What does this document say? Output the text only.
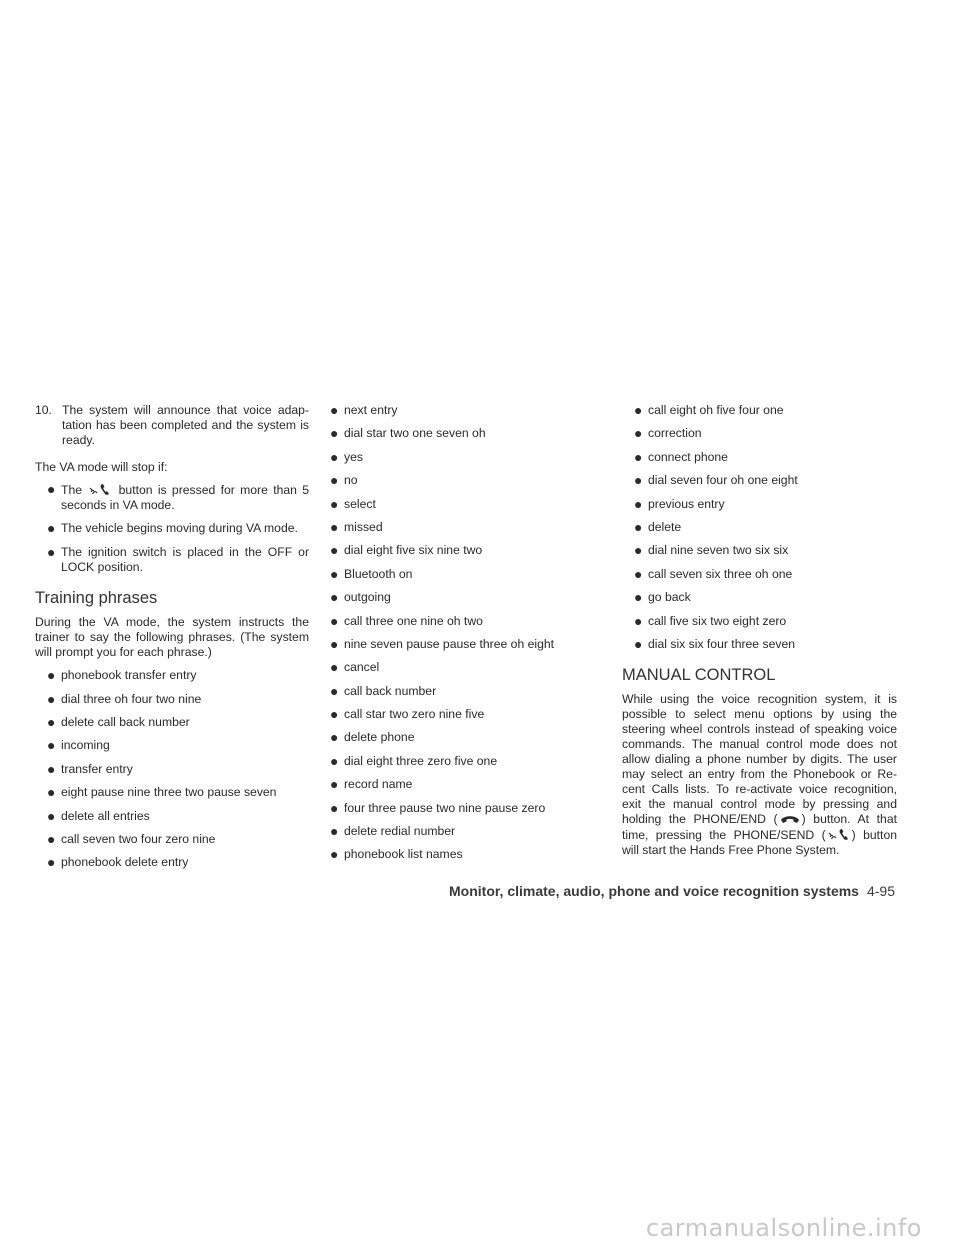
10. The system will announce that voice adap- tation has been completed and the system is ready.

The VA mode will stop if:

● The	button is pressed for more than 5 seconds in VA mode.
● The vehicle begins moving during VA mode.
● The ignition switch is placed in the OFF or LOCK position.
Training phrases

During the VA mode, the system instructs the trainer to say the following phrases. (The system will prompt you for each phrase.)

● phonebook transfer entry
● dial three oh four two nine
● delete call back number
● incoming
● transfer entry
● eight pause nine three two pause seven
● delete all entries
● call seven two four zero nine
● phonebook delete entry
● next entry
● dial star two one seven oh
● yes
● no
● select
● missed
● dial eight five six nine two
● Bluetooth on
● outgoing
● call three one nine oh two
● nine seven pause pause three oh eight
● cancel
● call back number
● call star two zero nine five
● delete phone
● dial eight three zero five one
● record name
● four three pause two nine pause zero
● delete redial number
● phonebook list names
● call eight oh five four one
● correction
● connect phone
● dial seven four oh one eight
● previous entry
● delete
● dial nine seven two six six
● call seven six three oh one
● go back
● call five six two eight zero
● dial six six four three seven
MANUAL CONTROL

While using the voice recognition system, it is possible to select menu options by using the steering wheel controls instead of speaking voice commands. The manual control mode does not allow dialing a phone number by digits. The user may select an entry from the Phonebook or Re- cent Calls lists. To re-activate voice recognition, exit the manual control mode by pressing and holding the PHONE/END ( ) button. At that time, pressing the PHONE/SEND ( ) button will start the Hands Free Phone System.

Monitor, climate, audio, phone and voice recognition systems 4-95
carmanualsonline.info
